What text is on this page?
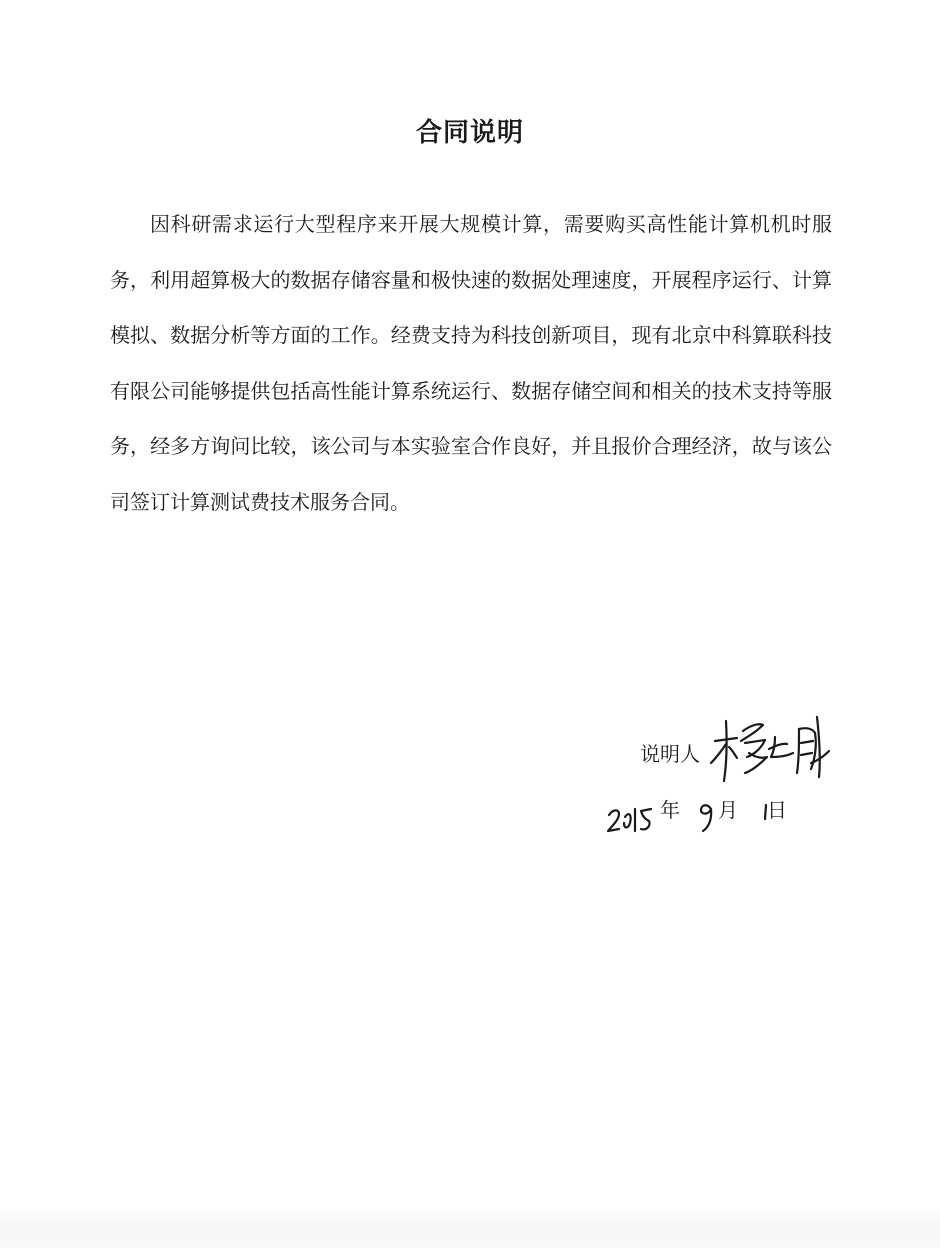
合同说明

因科研需求运行大型程序来开展大规模计算，需要购买高性能计算机机时服务，利用超算极大的数据存储容量和极快速的数据处理速度，开展程序运行、计算模拟、数据分析等方面的工作。经费支持为科技创新项目，现有北京中科算联科技有限公司能够提供包括高性能计算系统运行、数据存储空间和相关的技术支持等服务，经多方询问比较，该公司与本实验室合作良好，并且报价合理经济，故与该公司签订计算测试费技术服务合同。

说明人
年 月 日
